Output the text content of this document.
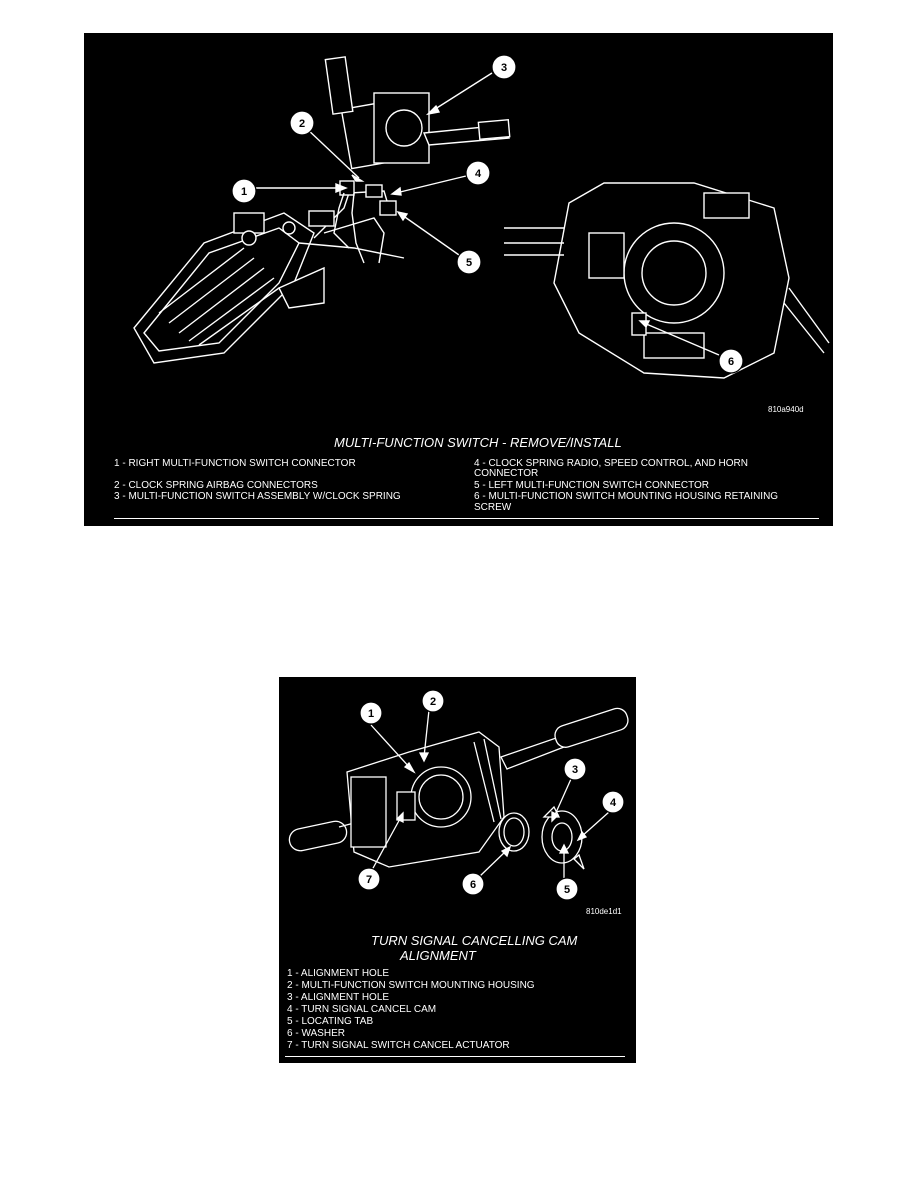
1
2
3
4
5
6
810a940d
MULTI-FUNCTION SWITCH - REMOVE/INSTALL
1 - RIGHT MULTI-FUNCTION SWITCH CONNECTOR
2 - CLOCK SPRING AIRBAG CONNECTORS
3 - MULTI-FUNCTION SWITCH ASSEMBLY W/CLOCK SPRING
4 - CLOCK SPRING RADIO, SPEED CONTROL, AND HORN
CONNECTOR
5 - LEFT MULTI-FUNCTION SWITCH CONNECTOR
6 - MULTI-FUNCTION SWITCH MOUNTING HOUSING RETAINING
SCREW
1
2
3
4
5
6
7
810de1d1
TURN SIGNAL CANCELLING CAM
ALIGNMENT
1 - ALIGNMENT HOLE
2 - MULTI-FUNCTION SWITCH MOUNTING HOUSING
3 - ALIGNMENT HOLE
4 - TURN SIGNAL CANCEL CAM
5 - LOCATING TAB
6 - WASHER
7 - TURN SIGNAL SWITCH CANCEL ACTUATOR
